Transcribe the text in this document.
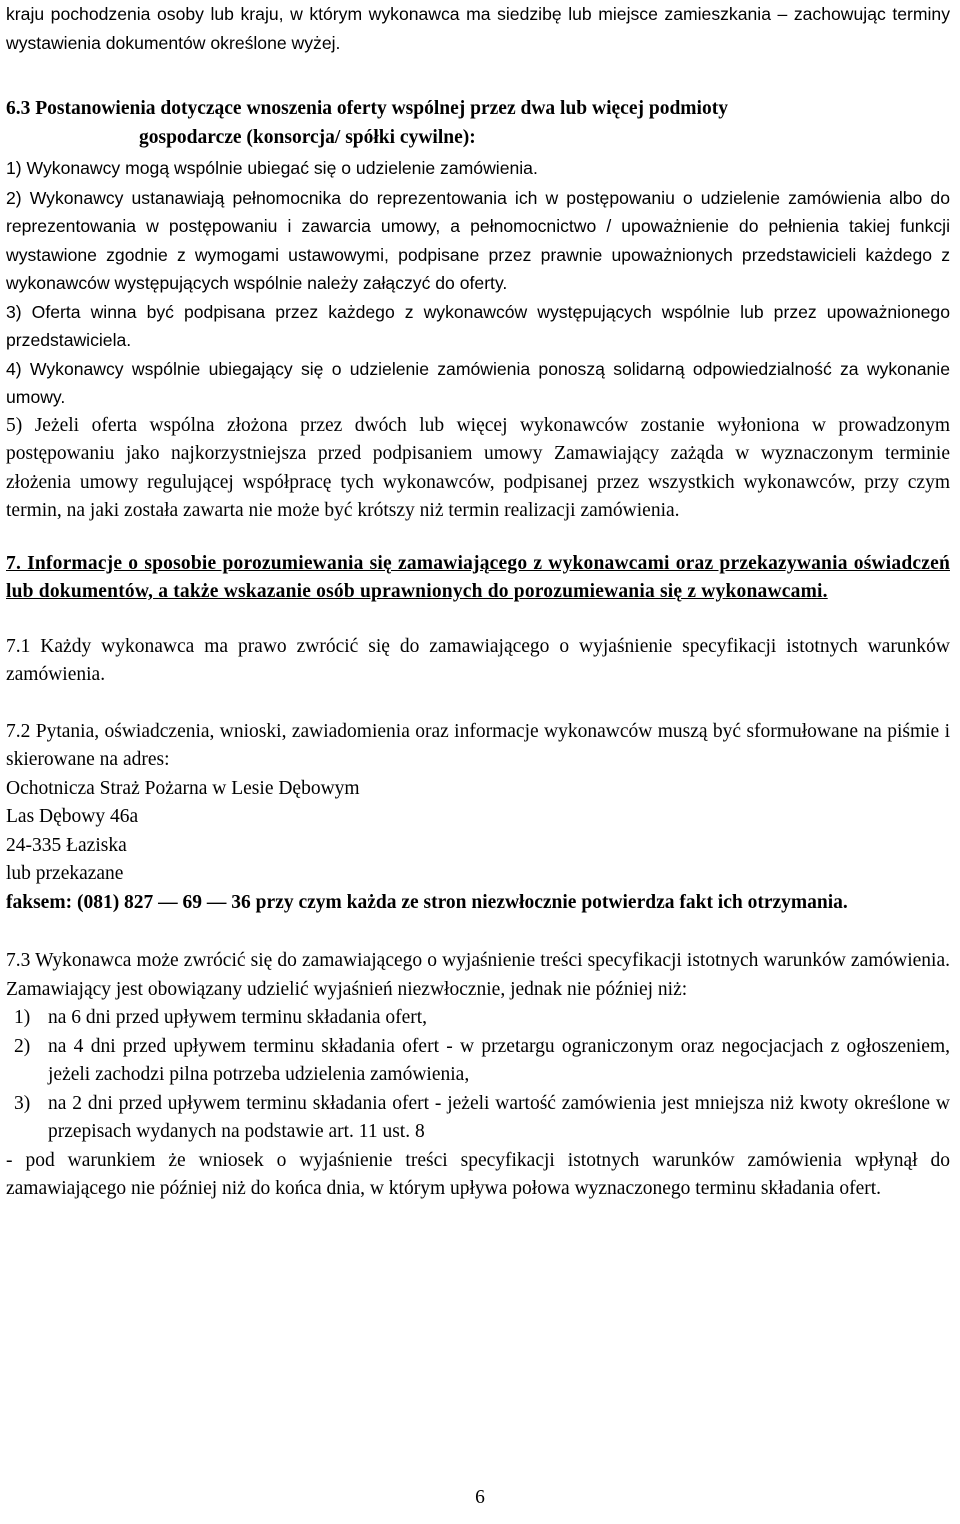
kraju pochodzenia osoby lub kraju, w którym wykonawca ma siedzibę lub miejsce zamieszkania – zachowując terminy wystawienia dokumentów określone wyżej.

6.3 Postanowienia dotyczące wnoszenia oferty wspólnej przez dwa lub więcej podmioty

gospodarcze (konsorcja/ spółki cywilne):

1) Wykonawcy mogą wspólnie ubiegać się o udzielenie zamówienia.

2) Wykonawcy ustanawiają pełnomocnika do reprezentowania ich w postępowaniu o udzielenie zamówienia albo do reprezentowania w postępowaniu i zawarcia umowy, a pełnomocnictwo / upoważnienie do pełnienia takiej funkcji wystawione zgodnie z wymogami ustawowymi, podpisane przez prawnie upoważnionych przedstawicieli każdego z wykonawców występujących wspólnie należy załączyć do oferty.

3) Oferta winna być podpisana przez każdego z wykonawców występujących wspólnie lub przez upoważnionego przedstawiciela.

4) Wykonawcy wspólnie ubiegający się o udzielenie zamówienia ponoszą solidarną odpowiedzialność za wykonanie umowy.

5) Jeżeli oferta wspólna złożona przez dwóch lub więcej wykonawców zostanie wyłoniona w prowadzonym postępowaniu jako najkorzystniejsza przed podpisaniem umowy Zamawiający zażąda w wyznaczonym terminie złożenia umowy regulującej współpracę tych wykonawców, podpisanej przez wszystkich wykonawców, przy czym termin, na jaki została zawarta nie może być krótszy niż termin realizacji zamówienia.

7. Informacje o sposobie porozumiewania się zamawiającego z wykonawcami oraz przekazywania oświadczeń lub dokumentów, a także wskazanie osób uprawnionych do porozumiewania się z wykonawcami.

7.1 Każdy wykonawca ma prawo zwrócić się do zamawiającego o wyjaśnienie specyfikacji istotnych warunków zamówienia.

7.2 Pytania, oświadczenia, wnioski, zawiadomienia oraz informacje wykonawców muszą być sformułowane na piśmie i skierowane na adres:

Ochotnicza Straż Pożarna w Lesie Dębowym

Las Dębowy 46a

24-335 Łaziska

lub przekazane

faksem: (081) 827 — 69 — 36 przy czym każda ze stron niezwłocznie potwierdza fakt ich otrzymania.

7.3 Wykonawca może zwrócić się do zamawiającego o wyjaśnienie treści specyfikacji istotnych warunków zamówienia. Zamawiający jest obowiązany udzielić wyjaśnień niezwłocznie, jednak nie później niż:

1) na 6 dni przed upływem terminu składania ofert,
2) na 4 dni przed upływem terminu składania ofert - w przetargu ograniczonym oraz negocjacjach z ogłoszeniem, jeżeli zachodzi pilna potrzeba udzielenia zamówienia,
3) na 2 dni przed upływem terminu składania ofert - jeżeli wartość zamówienia jest mniejsza niż kwoty określone w przepisach wydanych na podstawie art. 11 ust. 8

- pod warunkiem że wniosek o wyjaśnienie treści specyfikacji istotnych warunków zamówienia wpłynął do zamawiającego nie później niż do końca dnia, w którym upływa połowa wyznaczonego terminu składania ofert.

6
